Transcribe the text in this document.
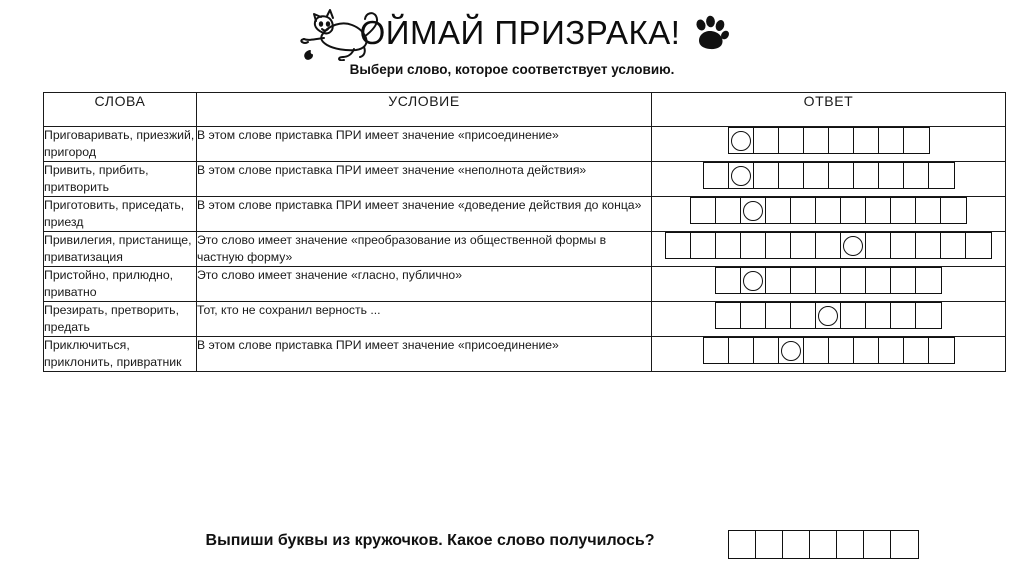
ОЙМАЙ ПРИЗРАКА!
Выбери слово, которое соответствует условию.
СЛОВА	УСЛОВИЕ	ОТВЕТ
Приговаривать, приезжий, пригород	В этом слове приставка ПРИ имеет значение «присоединение»	

Привить, прибить, притворить	В этом слове приставка ПРИ имеет значение «неполнота действия»	

Приготовить, приседать, приезд	В этом слове приставка ПРИ имеет значение «доведение действия до конца»	

Привилегия, пристанище, приватизация	Это слово имеет значение «преобразование из общественной формы в частную форму»	

Пристойно, прилюдно, приватно	Это слово имеет значение «гласно, публично»	

Презирать, претворить, предать	Тот, кто не сохранил верность ...	

Приключиться, приклонить, привратник	В этом слове приставка ПРИ имеет значение «присоединение»	
Выпиши буквы из кружочков. Какое слово получилось?
